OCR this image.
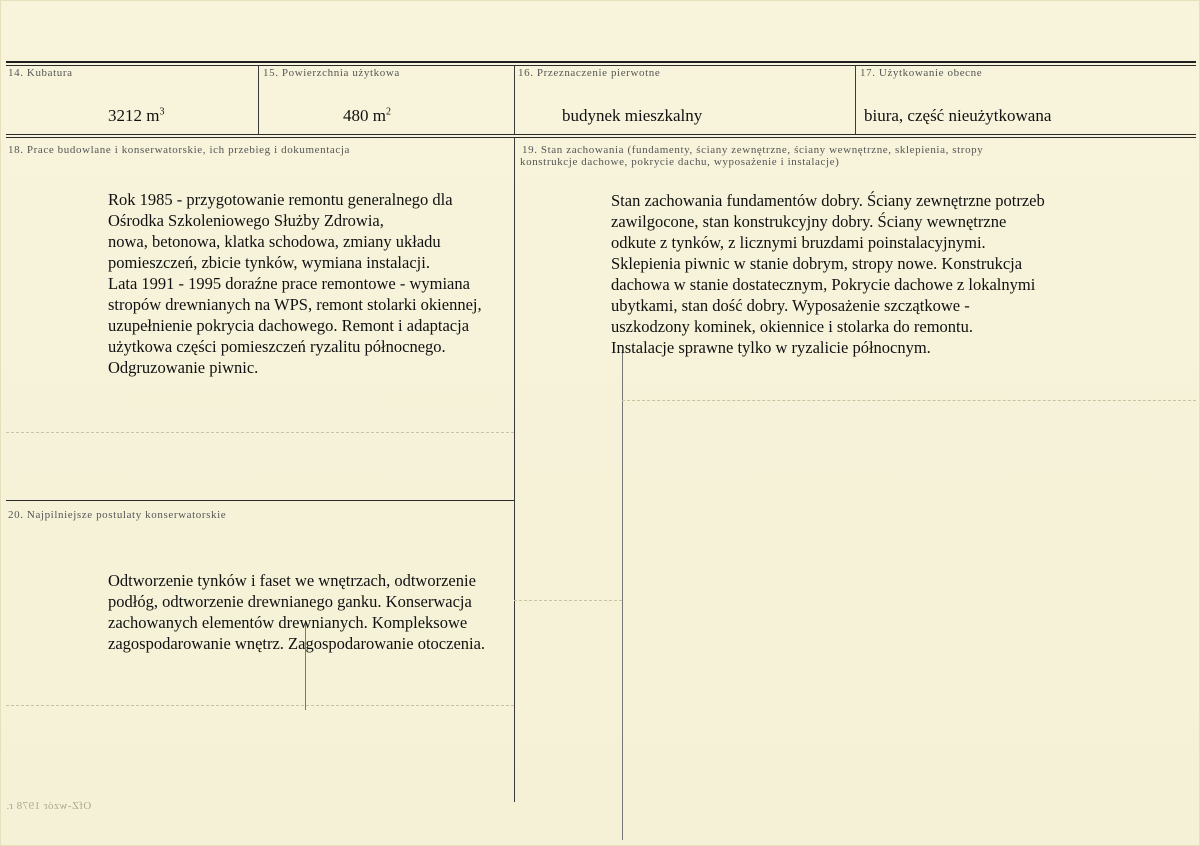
14. Kubatura
3212 $m^3$
15. Powierzchnia użytkowa
480 $m^2$
16. Przeznaczenie pierwotne
budynek mieszkalny
17. Użytkowanie obecne
biura, część nieużytkowana
18. Prace budowlane i konserwatorskie, ich przebieg i dokumentacja
Rok 1985 - przygotowanie remontu generalnego dla
Ośrodka Szkoleniowego Służby Zdrowia,
nowa, betonowa, klatka schodowa, zmiany układu
pomieszczeń, zbicie tynków, wymiana instalacji.
Lata 1991 - 1995 doraźne prace remontowe - wymiana
stropów drewnianych na WPS, remont stolarki okiennej,
uzupełnienie pokrycia dachowego. Remont i adaptacja
użytkowa części pomieszczeń ryzalitu północnego.
Odgruzowanie piwnic.
19. Stan zachowania (fundamenty, ściany zewnętrzne, ściany wewnętrzne, sklepienia, stropy
konstrukcje dachowe, pokrycie dachu, wyposażenie i instalacje)
Stan zachowania fundamentów dobry. Ściany zewnętrzne potrzeb
zawilgocone, stan konstrukcyjny dobry. Ściany wewnętrzne
odkute z tynków, z licznymi bruzdami poinstalacyjnymi.
Sklepienia piwnic w stanie dobrym, stropy nowe. Konstrukcja
dachowa w stanie dostatecznym, Pokrycie dachowe z lokalnymi
ubytkami, stan dość dobry. Wyposażenie szczątkowe -
uszkodzony kominek, okiennice i stolarka do remontu.
Instalacje sprawne tylko w ryzalicie północnym.
20. Najpilniejsze postulaty konserwatorskie
Odtworzenie tynków i faset we wnętrzach, odtworzenie
podłóg, odtworzenie drewnianego ganku. Konserwacja
zachowanych elementów drewnianych. Kompleksowe
zagospodarowanie wnętrz. Zagospodarowanie otoczenia.
OfZ-wzór 1978 r.
